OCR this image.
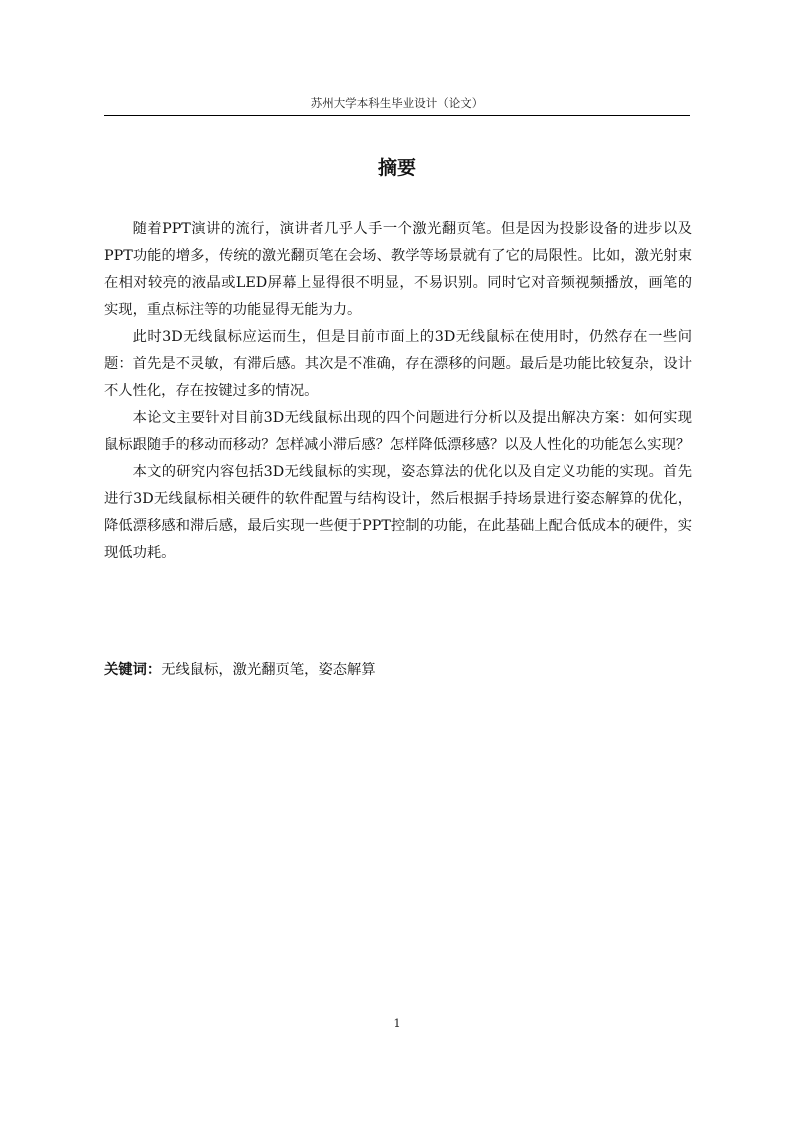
苏州大学本科生毕业设计（论文）
摘要

随着PPT演讲的流行，演讲者几乎人手一个激光翻页笔。但是因为投影设备的进步以及PPT功能的增多，传统的激光翻页笔在会场、教学等场景就有了它的局限性。比如，激光射束在相对较亮的液晶或LED屏幕上显得很不明显，不易识别。同时它对音频视频播放，画笔的实现，重点标注等的功能显得无能为力。

此时3D无线鼠标应运而生，但是目前市面上的3D无线鼠标在使用时，仍然存在一些问题：首先是不灵敏，有滞后感。其次是不准确，存在漂移的问题。最后是功能比较复杂，设计不人性化，存在按键过多的情况。

本论文主要针对目前3D无线鼠标出现的四个问题进行分析以及提出解决方案：如何实现鼠标跟随手的移动而移动？怎样减小滞后感？怎样降低漂移感？以及人性化的功能怎么实现？

本文的研究内容包括3D无线鼠标的实现，姿态算法的优化以及自定义功能的实现。首先进行3D无线鼠标相关硬件的软件配置与结构设计，然后根据手持场景进行姿态解算的优化，降低漂移感和滞后感，最后实现一些便于PPT控制的功能，在此基础上配合低成本的硬件，实现低功耗。

关键词：无线鼠标，激光翻页笔，姿态解算
1
